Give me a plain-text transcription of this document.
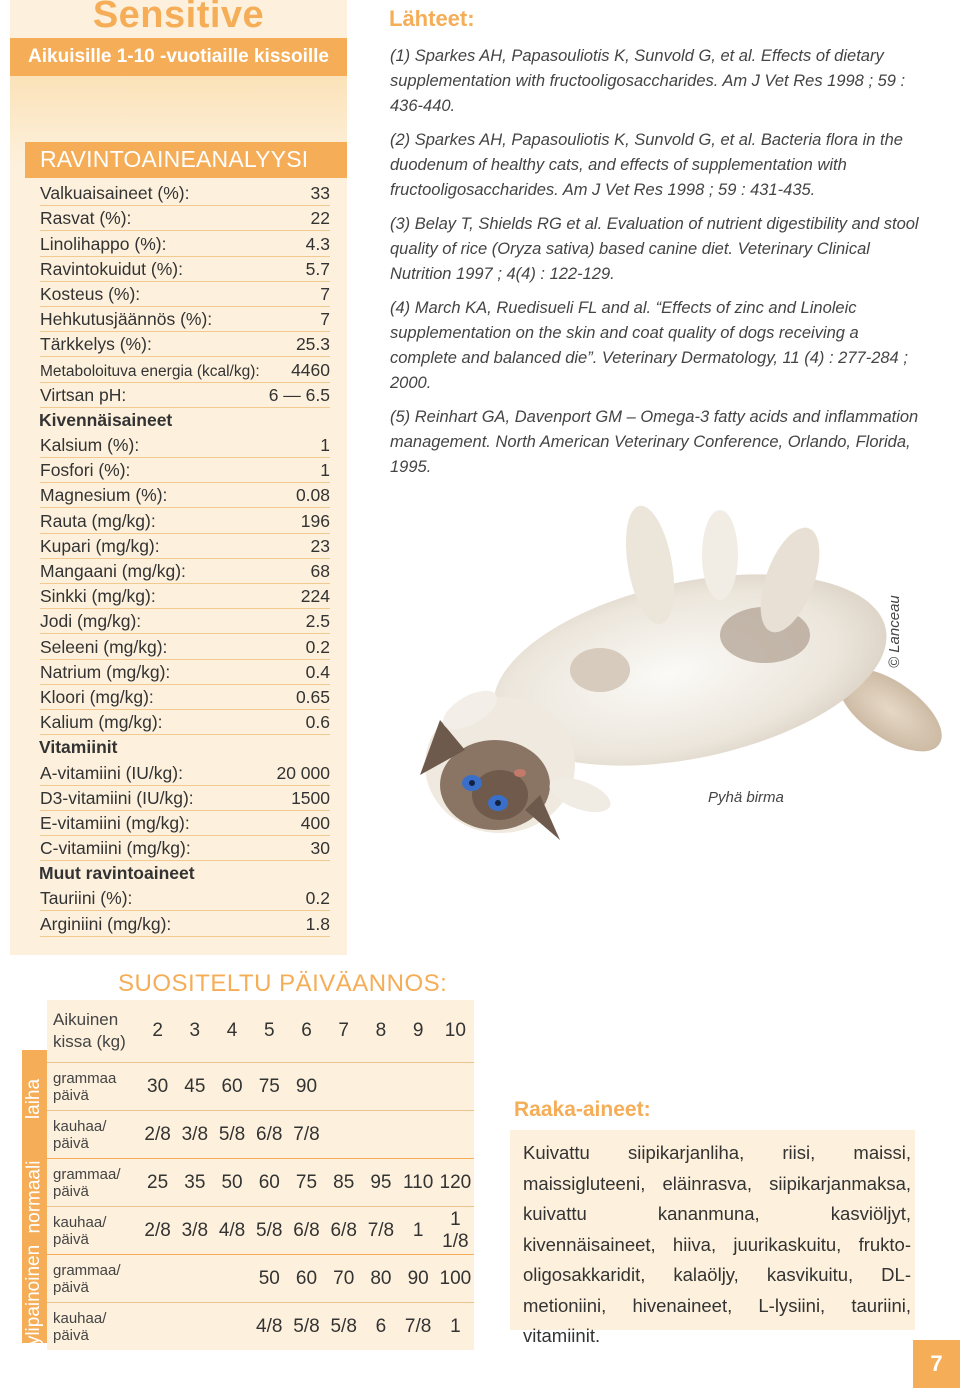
Sensitive
Aikuisille 1-10 -vuotiaille kissoille
RAVINTOAINEANALYYSI
Valkuaisaineet (%):	33
Rasvat (%):	22
Linolihappo (%):	4.3
Ravintokuidut (%):	5.7
Kosteus (%):	7
Hehkutusjäännös (%):	7
Tärkkelys (%):	25.3
Metaboloituva energia (kcal/kg): 4460
Virtsan pH:	6 — 6.5
Kivennäisaineet
Kalsium (%):	1
Fosfori (%):	1
Magnesium (%):	0.08
Rauta (mg/kg):	196
Kupari (mg/kg):	23
Mangaani (mg/kg):	68
Sinkki (mg/kg):	224
Jodi (mg/kg):	2.5
Seleeni (mg/kg):	0.2
Natrium (mg/kg):	0.4
Kloori (mg/kg):	0.65
Kalium (mg/kg):	0.6
Vitamiinit
A-vitamiini (IU/kg):	20 000
D3-vitamiini (IU/kg):	1500
E-vitamiini (mg/kg):	400
C-vitamiini (mg/kg):	30
Muut ravintoaineet
Tauriini (%):	0.2
Arginiini (mg/kg):	1.8
Lähteet:
(1) Sparkes AH, Papasouliotis K, Sunvold G, et al. Effects of dietary supplementation with fructooligosaccharides. Am J Vet Res 1998 ; 59 : 436-440.
(2) Sparkes AH, Papasouliotis K, Sunvold G, et al. Bacteria flora in the duodenum of healthy cats, and effects of supplementation with fructooligosaccharides. Am J Vet Res 1998 ; 59 : 431-435.
(3) Belay T, Shields RG et al. Evaluation of nutrient digestibility and stool quality of rice (Oryza sativa) based canine diet. Veterinary Clinical Nutrition 1997 ; 4(4) : 122-129.
(4) March KA, Ruedisueli FL and al. “Effects of zinc and Linoleic supplementation on the skin and coat quality of dogs receiving a complete and balanced die”. Veterinary Dermatology, 11 (4) : 277-284 ; 2000.
(5) Reinhart GA, Davenport GM – Omega-3 fatty acids and inflammation management. North American Veterinary Conference, Orlando, Florida, 1995.
© Lanceau
Pyhä birma
SUOSITELTU PÄIVÄANNOS:
laiha
normaali
ylipainoinen
Aikuinen kissa (kg)	2	3	4	5	6	7	8	9	10
grammaa päivä	30	45	60	75	90				
kauhaa/ päivä	2/8	3/8	5/8	6/8	7/8				
grammaa/ päivä	25	35	50	60	75	85	95	110	120
kauhaa/ päivä	2/8	3/8	4/8	5/8	6/8	6/8	7/8	1	1 1/8
grammaa/ päivä				50	60	70	80	90	100
kauhaa/ päivä				4/8	5/8	5/8	6	7/8	1
Raaka-aineet:
Kuivattu siipikarjanliha, riisi, maissi, maissigluteeni, eläinrasva, siipikarjanmaksa, kuivattu kananmuna, kasviöljyt, kivennäisaineet, hiiva, juurikaskuitu, frukto-oligosakkaridit, kalaöljy, kasvikuitu, DL-metioniini, hivenaineet, L-lysiini, tauriini, vitamiinit.
7
